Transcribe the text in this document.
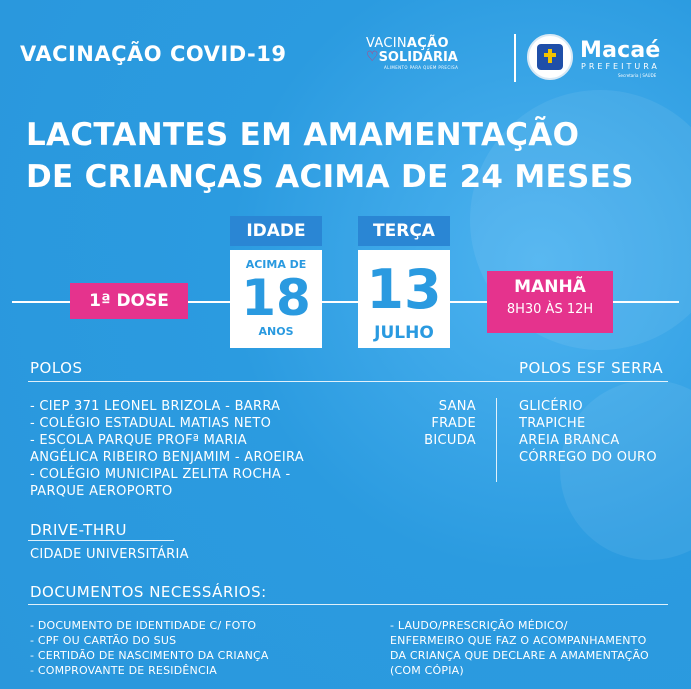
VACINAÇÃO COVID-19	VACINAÇÃO
♡SOLIDÁRIA
ALIMENTO PARA QUEM PRECISA
Macaé
PREFEITURA
Secretaria | SAÚDE
LACTANTES EM AMAMENTAÇÃO
DE CRIANÇAS ACIMA DE 24 MESES
1ª DOSE
IDADE
ACIMA DE
18
ANOS
TERÇA
13
JULHO
MANHÃ
8H30 ÀS 12H
POLOS	POLOS ESF SERRA
- CIEP 371 LEONEL BRIZOLA - BARRA
- COLÉGIO ESTADUAL MATIAS NETO
- ESCOLA PARQUE PROFª MARIA
ANGÉLICA RIBEIRO BENJAMIM - AROEIRA
- COLÉGIO MUNICIPAL ZELITA ROCHA -
PARQUE AEROPORTO
SANA
FRADE
BICUDA
GLICÉRIO
TRAPICHE
AREIA BRANCA
CÓRREGO DO OURO
DRIVE-THRU
CIDADE UNIVERSITÁRIA
DOCUMENTOS NECESSÁRIOS:
- DOCUMENTO DE IDENTIDADE C/ FOTO
- CPF OU CARTÃO DO SUS
- CERTIDÃO DE NASCIMENTO DA CRIANÇA
- COMPROVANTE DE RESIDÊNCIA
- LAUDO/PRESCRIÇÃO MÉDICO/
ENFERMEIRO QUE FAZ O ACOMPANHAMENTO
DA CRIANÇA QUE DECLARE A AMAMENTAÇÃO
(COM CÓPIA)
